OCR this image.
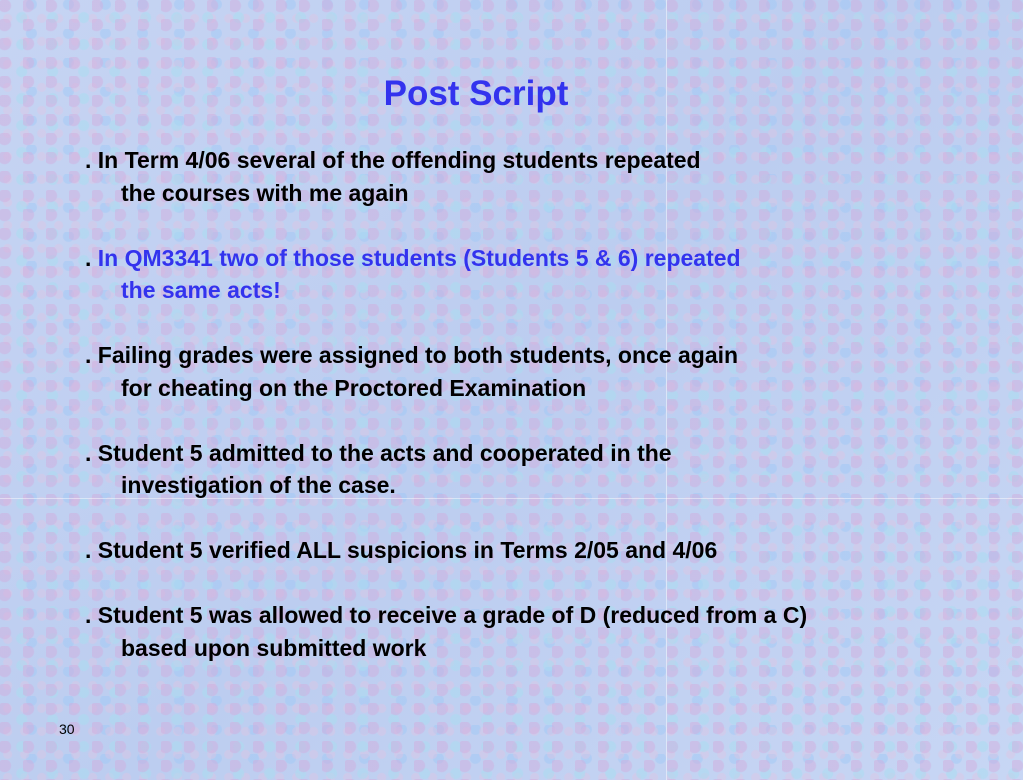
Post Script
. In Term 4/06 several of the offending students repeated
the courses with me again
. In QM3341 two of those students (Students 5 & 6) repeated
the same acts!
. Failing grades were assigned to both students, once again
for cheating on the Proctored Examination
. Student 5 admitted to the acts and cooperated in the
investigation of the case.
. Student 5 verified ALL suspicions in Terms 2/05 and 4/06
. Student 5 was allowed to receive a grade of D (reduced from a C)
based upon submitted work
30
